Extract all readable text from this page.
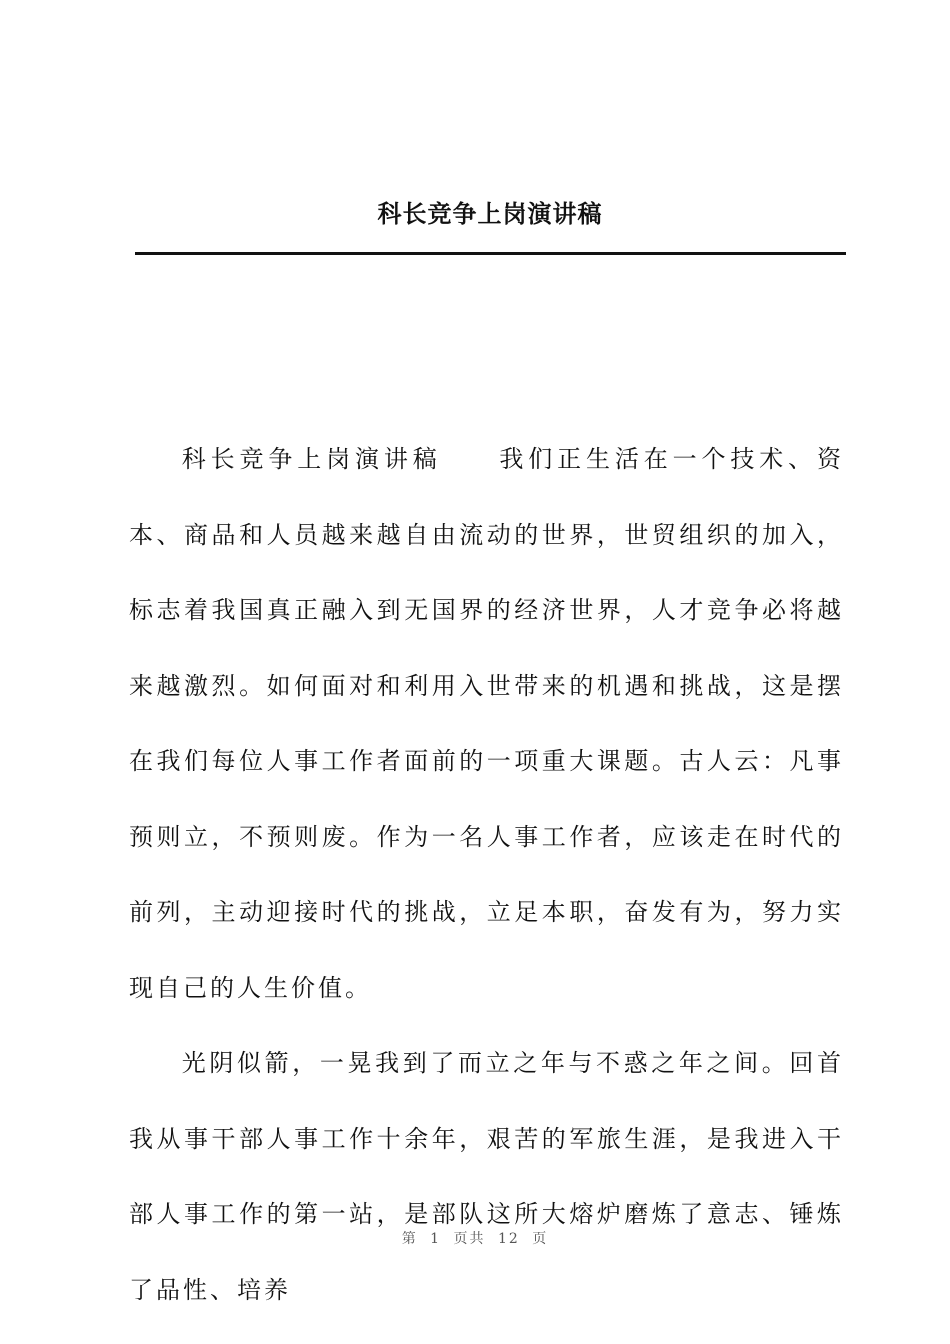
科长竞争上岗演讲稿

科长竞争上岗演讲稿　　我们正生活在一个技术、资本、商品和人员越来越自由流动的世界，世贸组织的加入，标志着我国真正融入到无国界的经济世界，人才竞争必将越来越激烈。如何面对和利用入世带来的机遇和挑战，这是摆在我们每位人事工作者面前的一项重大课题。古人云：凡事预则立，不预则废。作为一名人事工作者，应该走在时代的前列，主动迎接时代的挑战，立足本职，奋发有为，努力实现自己的人生价值。

光阴似箭，一晃我到了而立之年与不惑之年之间。回首我从事干部人事工作十余年，艰苦的军旅生涯，是我进入干部人事工作的第一站，是部队这所大熔炉磨炼了意志、锤炼了品性、培养

第 1 页共 12 页
